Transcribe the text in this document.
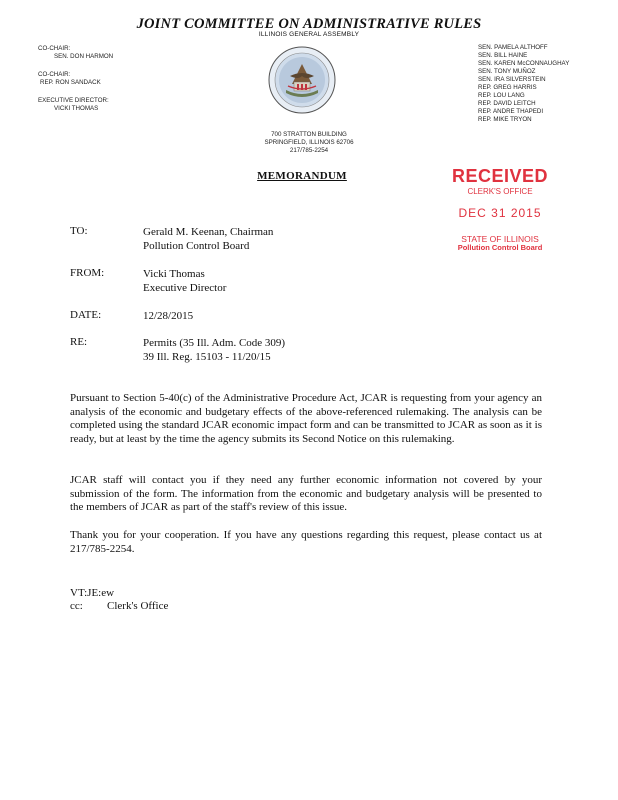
JOINT COMMITTEE ON ADMINISTRATIVE RULES
ILLINOIS GENERAL ASSEMBLY
CO-CHAIR:
SEN. DON HARMON
CO-CHAIR:
REP. RON SANDACK
EXECUTIVE DIRECTOR:
VICKI THOMAS
SEN. PAMELA ALTHOFF
SEN. BILL HAINE
SEN. KAREN McCONNAUGHAY
SEN. TONY MUÑOZ
SEN. IRA SILVERSTEIN
REP. GREG HARRIS
REP. LOU LANG
REP. DAVID LEITCH
REP. ANDRE THAPEDI
REP. MIKE TRYON
700 STRATTON BUILDING
SPRINGFIELD, ILLINOIS 62706
217/785-2254
MEMORANDUM	RECEIVED
CLERK'S OFFICE
DEC 31 2015
STATE OF ILLINOIS
Pollution Control Board
TO:	Gerald M. Keenan, Chairman
Pollution Control Board
FROM:	Vicki Thomas
Executive Director
DATE:	12/28/2015
RE:	Permits (35 Ill. Adm. Code 309)
39 Ill. Reg. 15103 - 11/20/15
Pursuant to Section 5-40(c) of the Administrative Procedure Act, JCAR is requesting from your agency an analysis of the economic and budgetary effects of the above-referenced rulemaking. The analysis can be completed using the standard JCAR economic impact form and can be transmitted to JCAR as soon as it is ready, but at least by the time the agency submits its Second Notice on this rulemaking.
JCAR staff will contact you if they need any further economic information not covered by your submission of the form. The information from the economic and budgetary analysis will be presented to the members of JCAR as part of the staff's review of this issue.
Thank you for your cooperation. If you have any questions regarding this request, please contact us at 217/785-2254.
VT:JE:ew
cc: Clerk's Office
